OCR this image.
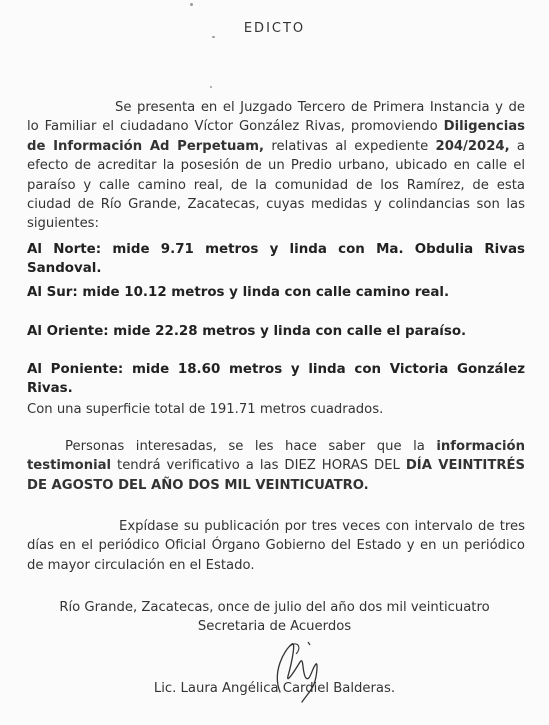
EDICTO
Se presenta en el Juzgado Tercero de Primera Instancia y de lo Familiar el ciudadano Víctor González Rivas, promoviendo Diligencias de Información Ad Perpetuam, relativas al expediente 204/2024, a efecto de acreditar la posesión de un Predio urbano, ubicado en calle el paraíso y calle camino real, de la comunidad de los Ramírez, de esta ciudad de Río Grande, Zacatecas, cuyas medidas y colindancias son las siguientes:
Al Norte: mide 9.71 metros y linda con Ma. Obdulia Rivas Sandoval.
Al Sur: mide 10.12 metros y linda con calle camino real.
Al Oriente: mide 22.28 metros y linda con calle el paraíso.
Al Poniente: mide 18.60 metros y linda con Victoria González Rivas.
Con una superficie total de 191.71 metros cuadrados.
Personas interesadas, se les hace saber que la información testimonial tendrá verificativo a las DIEZ HORAS DEL DÍA VEINTITRÉS DE AGOSTO DEL AÑO DOS MIL VEINTICUATRO.
Expídase su publicación por tres veces con intervalo de tres días en el periódico Oficial Órgano Gobierno del Estado y en un periódico de mayor circulación en el Estado.
Río Grande, Zacatecas, once de julio del año dos mil veinticuatro
Secretaria de Acuerdos
Lic. Laura Angélica Cardiel Balderas.
